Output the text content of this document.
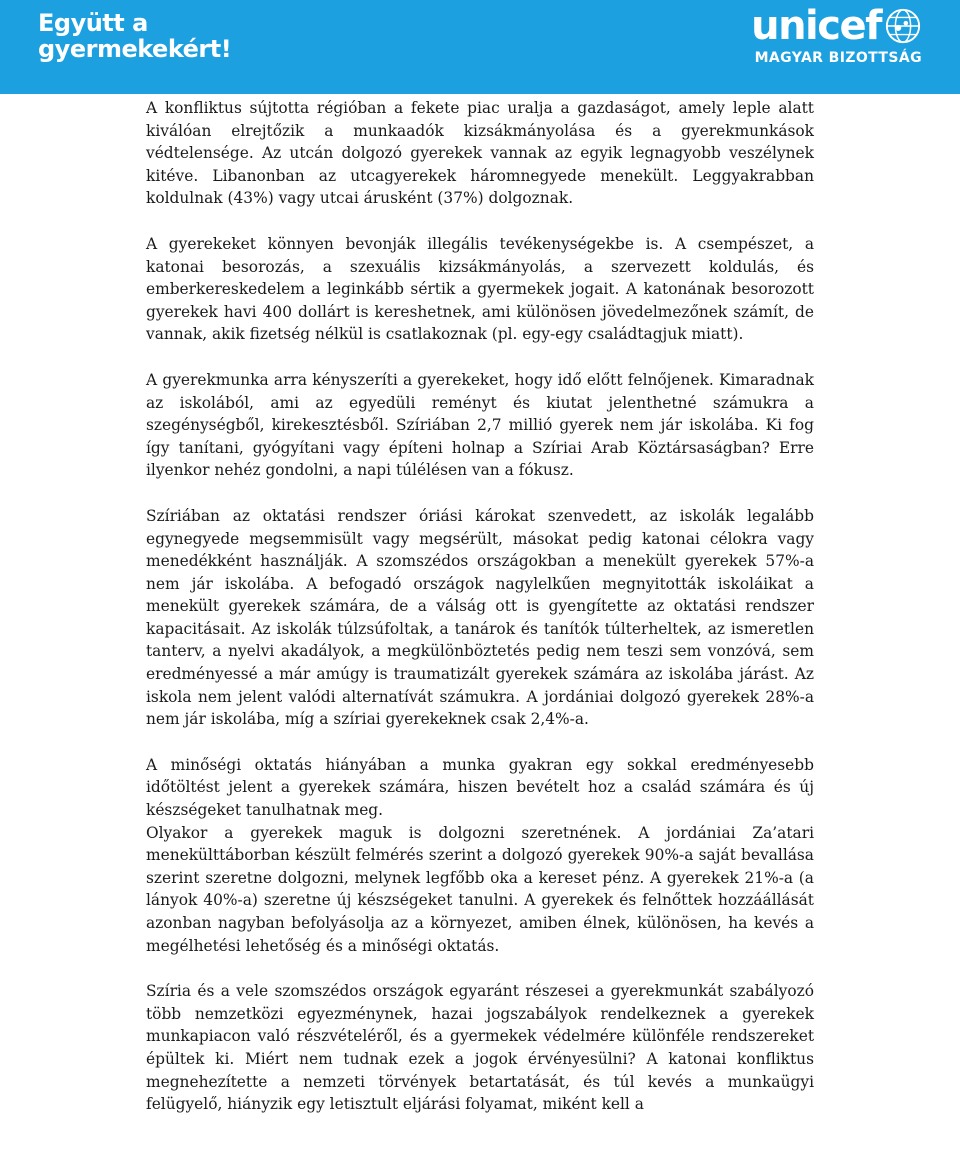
Együtt a
gyermekekért!	unicef
MAGYAR BIZOTTSÁG

A konfliktus sújtotta régióban a fekete piac uralja a gazdaságot, amely leple alatt kiválóan elrejtőzik a munkaadók kizsákmányolása és a gyerekmunkások védtelensége. Az utcán dolgozó gyerekek vannak az egyik legnagyobb veszélynek kitéve. Libanonban az utcagyerekek háromnegyede menekült. Leggyakrabban koldulnak (43%) vagy utcai árusként (37%) dolgoznak.

A gyerekeket könnyen bevonják illegális tevékenységekbe is. A csempészet, a katonai besorozás, a szexuális kizsákmányolás, a szervezett koldulás, és emberkereskedelem a leginkább sértik a gyermekek jogait. A katonának besorozott gyerekek havi 400 dollárt is kereshetnek, ami különösen jövedelmezőnek számít, de vannak, akik fizetség nélkül is csatlakoznak (pl. egy-egy családtagjuk miatt).

A gyerekmunka arra kényszeríti a gyerekeket, hogy idő előtt felnőjenek. Kimaradnak az iskolából, ami az egyedüli reményt és kiutat jelenthetné számukra a szegénységből, kirekesztésből. Szíriában 2,7 millió gyerek nem jár iskolába. Ki fog így tanítani, gyógyítani vagy építeni holnap a Szíriai Arab Köztársaságban? Erre ilyenkor nehéz gondolni, a napi túlélésen van a fókusz.

Szíriában az oktatási rendszer óriási károkat szenvedett, az iskolák legalább egynegyede megsemmisült vagy megsérült, másokat pedig katonai célokra vagy menedékként használják. A szomszédos országokban a menekült gyerekek 57%-a nem jár iskolába. A befogadó országok nagylelkűen megnyitották iskoláikat a menekült gyerekek számára, de a válság ott is gyengítette az oktatási rendszer kapacitásait. Az iskolák túlzsúfoltak, a tanárok és tanítók túlterheltek, az ismeretlen tanterv, a nyelvi akadályok, a megkülönböztetés pedig nem teszi sem vonzóvá, sem eredményessé a már amúgy is traumatizált gyerekek számára az iskolába járást. Az iskola nem jelent valódi alternatívát számukra. A jordániai dolgozó gyerekek 28%-a nem jár iskolába, míg a szíriai gyerekeknek csak 2,4%-a.

A minőségi oktatás hiányában a munka gyakran egy sokkal eredményesebb időtöltést jelent a gyerekek számára, hiszen bevételt hoz a család számára és új készségeket tanulhatnak meg.

Olyakor a gyerekek maguk is dolgozni szeretnének. A jordániai Za’atari menekülttáborban készült felmérés szerint a dolgozó gyerekek 90%-a saját bevallása szerint szeretne dolgozni, melynek legfőbb oka a kereset pénz. A gyerekek 21%-a (a lányok 40%-a) szeretne új készségeket tanulni. A gyerekek és felnőttek hozzáállását azonban nagyban befolyásolja az a környezet, amiben élnek, különösen, ha kevés a megélhetési lehetőség és a minőségi oktatás.

Szíria és a vele szomszédos országok egyaránt részesei a gyerekmunkát szabályozó több nemzetközi egyezménynek, hazai jogszabályok rendelkeznek a gyerekek munkapiacon való részvételéről, és a gyermekek védelmére különféle rendszereket épültek ki. Miért nem tudnak ezek a jogok érvényesülni? A katonai konfliktus megnehezítette a nemzeti törvények betartatását, és túl kevés a munkaügyi felügyelő, hiányzik egy letisztult eljárási folyamat, miként kell a
